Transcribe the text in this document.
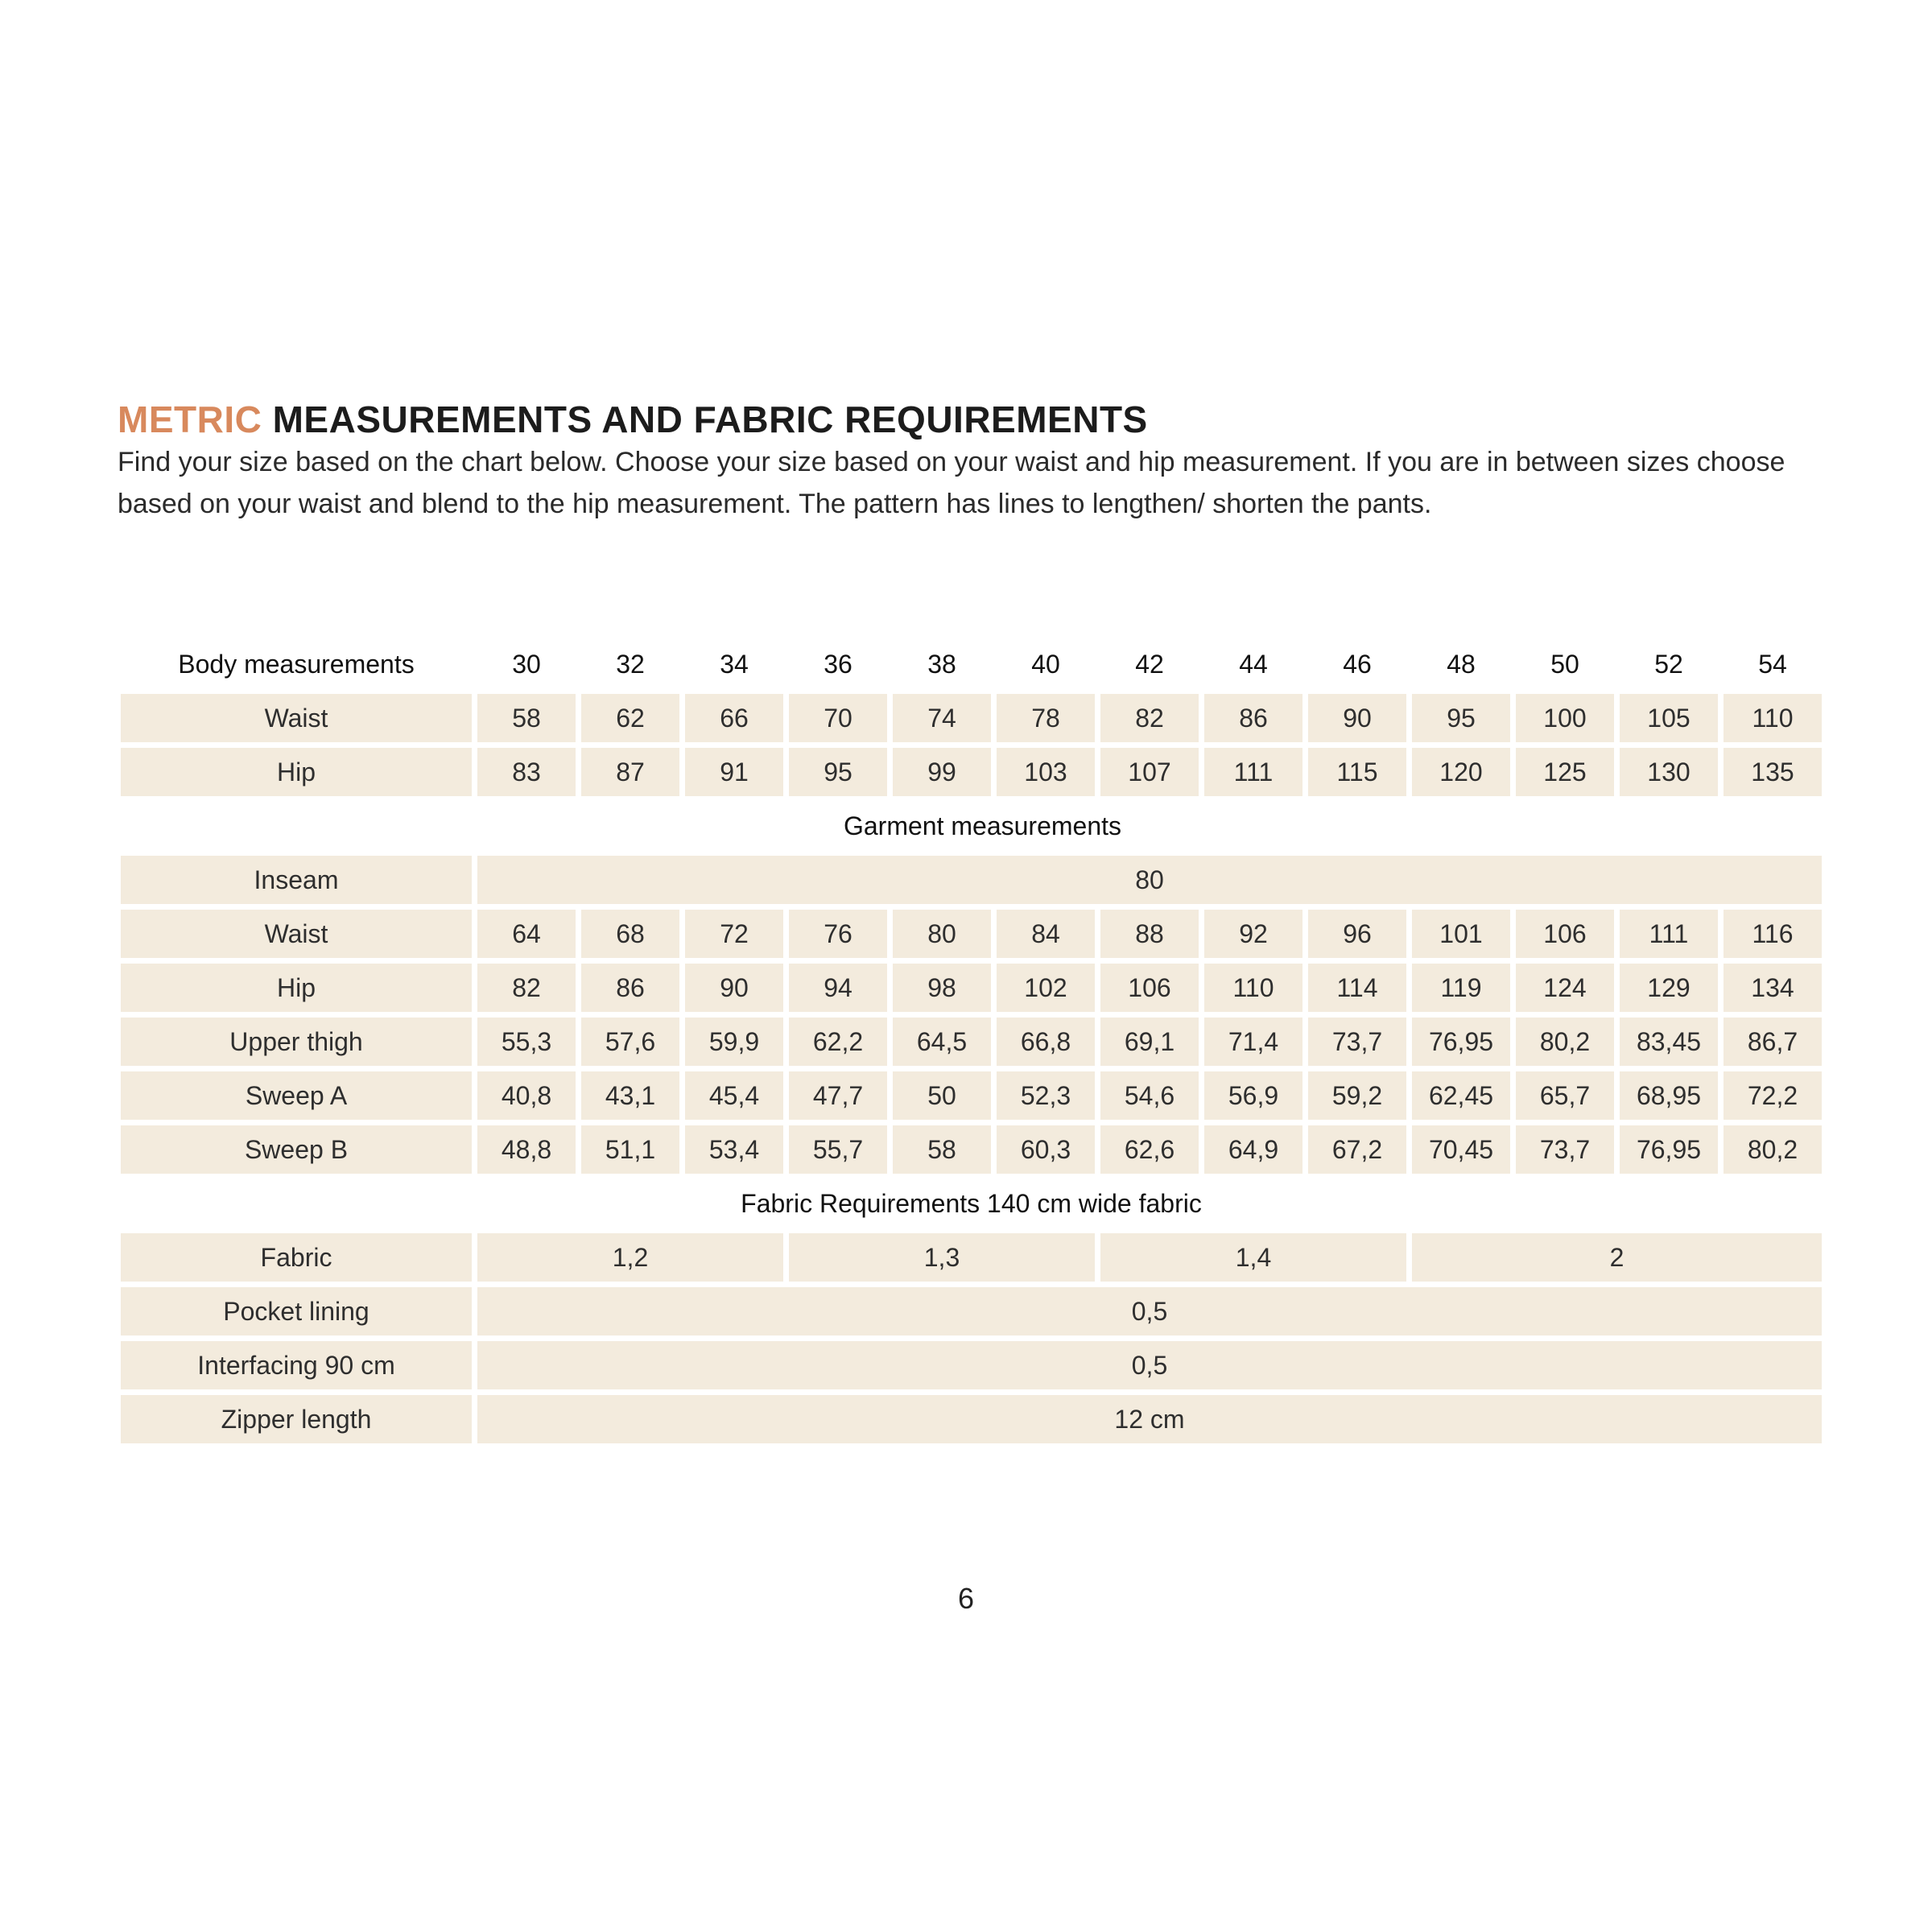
METRIC MEASUREMENTS AND FABRIC REQUIREMENTS

Find your size based on the chart below. Choose your size based on your waist and hip measurement. If you are in between sizes choose based on your waist and blend to the hip measurement. The pattern has lines to lengthen/ shorten the pants.

Body measurements	30	32	34	36	38	40	42	44	46	48	50	52	54
Waist	58	62	66	70	74	78	82	86	90	95	100	105	110
Hip	83	87	91	95	99	103	107	111	115	120	125	130	135
Garment measurements													
Inseam	80												
Waist	64	68	72	76	80	84	88	92	96	101	106	111	116
Hip	82	86	90	94	98	102	106	110	114	119	124	129	134
Upper thigh	55,3	57,6	59,9	62,2	64,5	66,8	69,1	71,4	73,7	76,95	80,2	83,45	86,7
Sweep A	40,8	43,1	45,4	47,7	50	52,3	54,6	56,9	59,2	62,45	65,7	68,95	72,2
Sweep B	48,8	51,1	53,4	55,7	58	60,3	62,6	64,9	67,2	70,45	73,7	76,95	80,2
Fabric Requirements 140 cm wide fabric													
Fabric	1,2			1,3			1,4			2			
Pocket lining	0,5												
Interfacing 90 cm	0,5												
Zipper length	12 cm												

6
